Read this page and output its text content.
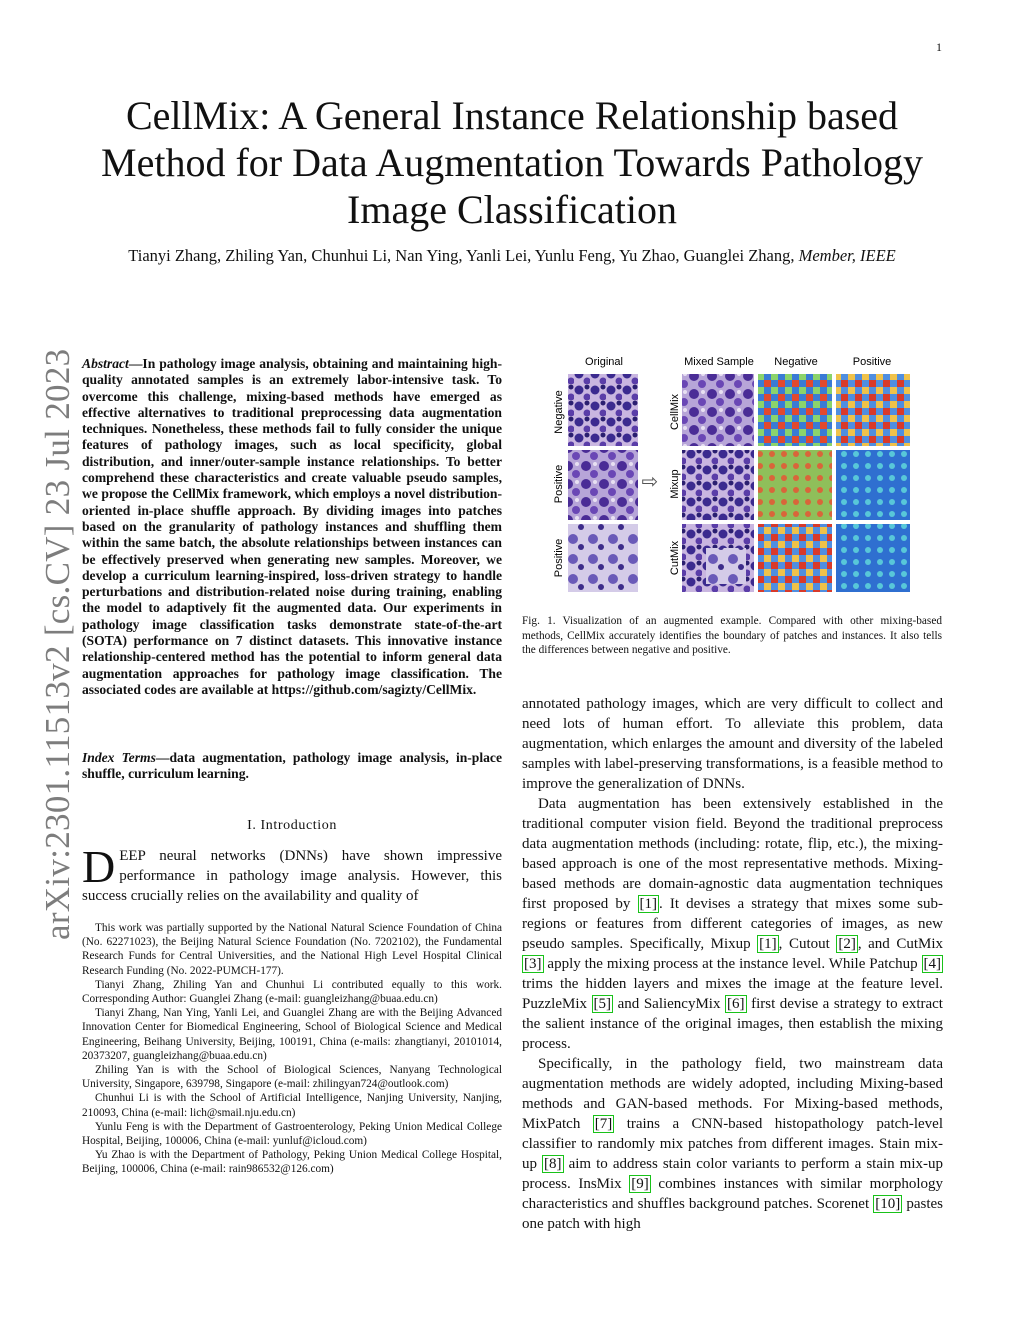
1
CellMix: A General Instance Relationship based Method for Data Augmentation Towards Pathology Image Classification
Tianyi Zhang, Zhiling Yan, Chunhui Li, Nan Ying, Yanli Lei, Yunlu Feng, Yu Zhao, Guanglei Zhang, Member, IEEE
arXiv:2301.11513v2 [cs.CV] 23 Jul 2023 Abstract—In pathology image analysis, obtaining and maintaining high-quality annotated samples is an extremely labor-intensive task. To overcome this challenge, mixing-based methods have emerged as effective alternatives to traditional preprocessing data augmentation techniques. Nonetheless, these methods fail to fully consider the unique features of pathology images, such as local specificity, global distribution, and inner/outer-sample instance relationships. To better comprehend these characteristics and create valuable pseudo samples, we propose the CellMix framework, which employs a novel distribution-oriented in-place shuffle approach. By dividing images into patches based on the granularity of pathology instances and shuffling them within the same batch, the absolute relationships between instances can be effectively preserved when generating new samples. Moreover, we develop a curriculum learning-inspired, loss-driven strategy to handle perturbations and distribution-related noise during training, enabling the model to adaptively fit the augmented data. Our experiments in pathology image classification tasks demonstrate state-of-the-art (SOTA) performance on 7 distinct datasets. This innovative instance relationship-centered method has the potential to inform general data augmentation approaches for pathology image classification. The associated codes are available at https://github.com/sagizty/CellMix.
Index Terms—data augmentation, pathology image analysis, in-place shuffle, curriculum learning.
I. Introduction
DEEP neural networks (DNNs) have shown impressive performance in pathology image analysis. However, this success crucially relies on the availability and quality of

This work was partially supported by the National Natural Science Foundation of China (No. 62271023), the Beijing Natural Science Foundation (No. 7202102), the Fundamental Research Funds for Central Universities, and the National High Level Hospital Clinical Research Funding (No. 2022-PUMCH-177).

Tianyi Zhang, Zhiling Yan and Chunhui Li contributed equally to this work. Corresponding Author: Guanglei Zhang (e-mail: guangleizhang@buaa.edu.cn)

Tianyi Zhang, Nan Ying, Yanli Lei, and Guanglei Zhang are with the Beijing Advanced Innovation Center for Biomedical Engineering, School of Biological Science and Medical Engineering, Beihang University, Beijing, 100191, China (e-mails: zhangtianyi, 20101014, 20373207, guangleizhang@buaa.edu.cn)

Zhiling Yan is with the School of Biological Sciences, Nanyang Technological University, Singapore, 639798, Singapore (e-mail: zhilingyan724@outlook.com)

Chunhui Li is with the School of Artificial Intelligence, Nanjing University, Nanjing, 210093, China (e-mail: lich@smail.nju.edu.cn)

Yunlu Feng is with the Department of Gastroenterology, Peking Union Medical College Hospital, Beijing, 100006, China (e-mail: yunluf@icloud.com)

Yu Zhao is with the Department of Pathology, Peking Union Medical College Hospital, Beijing, 100006, China (e-mail: rain986532@126.com)

Original	Mixed Sample Negative	Positive
Negative
Positive
Positive
⇨
CellMix
Mixup
CutMix
Fig. 1. Visualization of an augmented example. Compared with other mixing-based methods, CellMix accurately identifies the boundary of patches and instances. It also tells the differences between negative and positive.

annotated pathology images, which are very difficult to collect and need lots of human effort. To alleviate this problem, data augmentation, which enlarges the amount and diversity of the labeled samples with label-preserving transformations, is a feasible method to improve the generalization of DNNs.

Data augmentation has been extensively established in the traditional computer vision field. Beyond the traditional preprocess data augmentation methods (including: rotate, flip, etc.), the mixing-based approach is one of the most representative methods. Mixing-based methods are domain-agnostic data augmentation techniques first proposed by [1] . It devises a strategy that mixes some sub-regions or features from different categories of images, as new pseudo samples. Specifically, Mixup [1] , Cutout [2] , and CutMix [3] apply the mixing process at the instance level. While Patchup [4] trims the hidden layers and mixes the image at the feature level. PuzzleMix [5] and SaliencyMix [6] first devise a strategy to extract the salient instance of the original images, then establish the mixing process.

Specifically, in the pathology field, two mainstream data augmentation methods are widely adopted, including Mixing-based methods and GAN-based methods. For Mixing-based methods, MixPatch [7] trains a CNN-based histopathology patch-level classifier to randomly mix patches from different images. Stain mix-up [8] aim to address stain color variants to perform a stain mix-up process. InsMix [9] combines instances with similar morphology characteristics and shuffles background patches. Scorenet [10] pastes one patch with high
